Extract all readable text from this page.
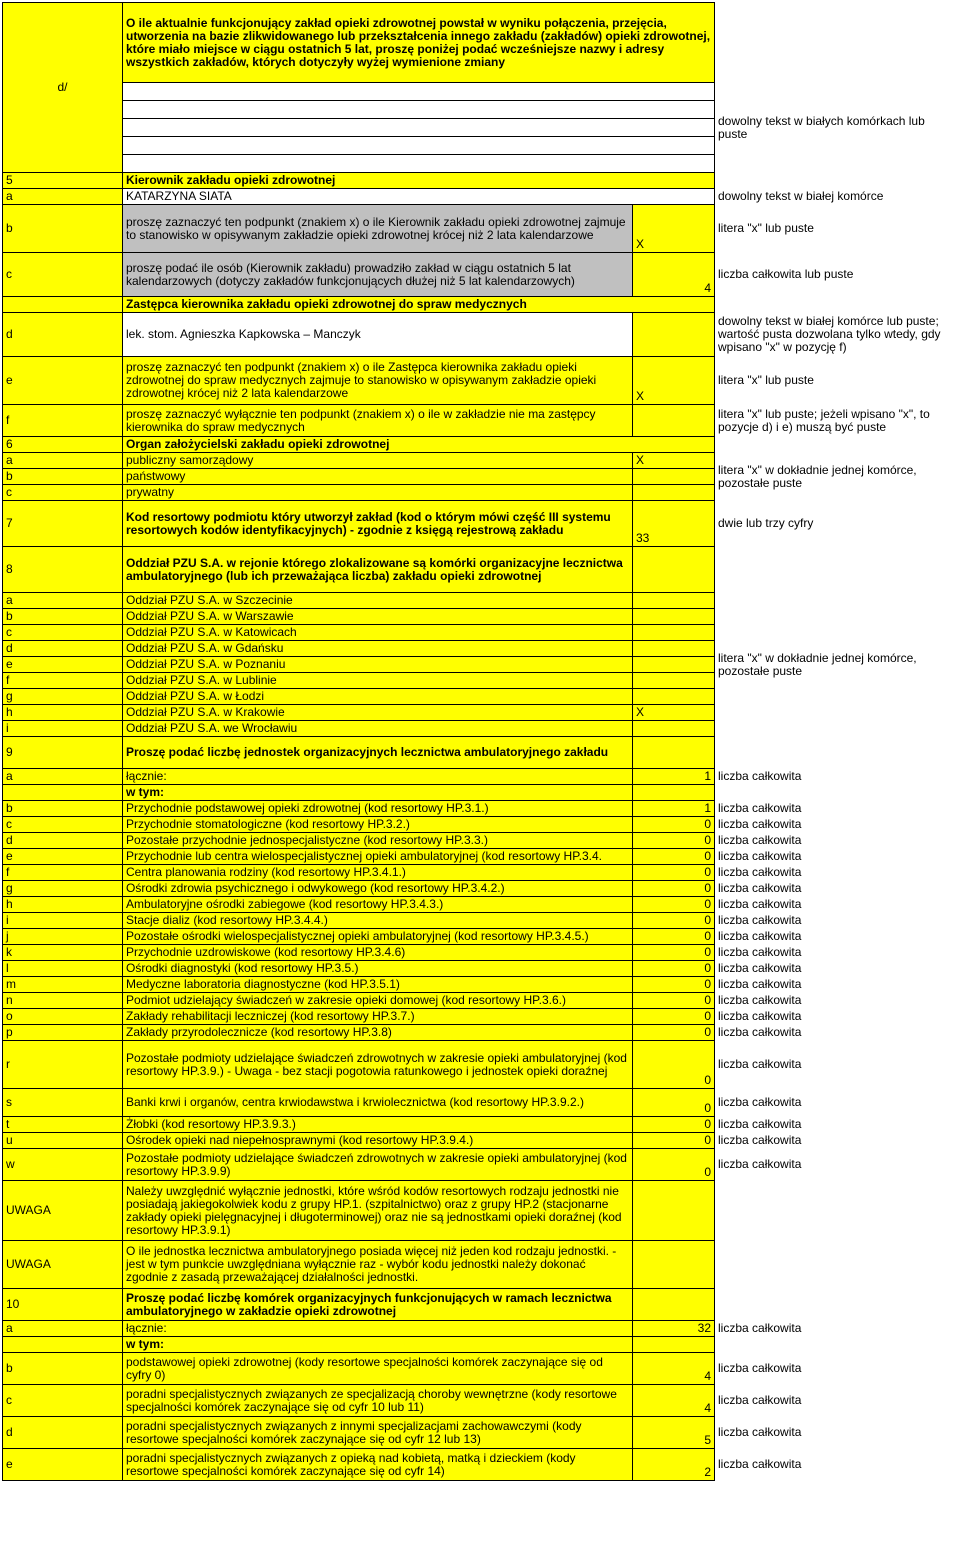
d/	O ile aktualnie funkcjonujący zakład opieki zdrowotnej powstał w wyniku połączenia, przejęcia, utworzenia na bazie zlikwidowanego lub przekształcenia innego zakładu (zakładów) opieki zdrowotnej, które miało miejsce w ciągu ostatnich 5 lat, proszę poniżej podać wcześniejsze nazwy i adresy wszystkich zakładów, których dotyczyły wyżej wymienione zmiany		

			dowolny tekst w białych komórkach lub puste

5	Kierownik zakładu opieki zdrowotnej		
a	KATARZYNA SIATA		dowolny tekst w białej komórce
b	proszę zaznaczyć ten podpunkt (znakiem x) o ile Kierownik zakładu opieki zdrowotnej zajmuje to stanowisko w opisywanym zakładzie opieki zdrowotnej krócej niż 2 lata kalendarzowe	X	litera "x" lub puste
c	proszę podać ile osób (Kierownik zakładu) prowadziło zakład w ciągu ostatnich 5 lat kalendarzowych (dotyczy zakładów funkcjonujących dłużej niż 5 lat kalendarzowych)	4	liczba całkowita lub puste
	Zastępca kierownika zakładu opieki zdrowotnej do spraw medycznych		
d	lek. stom. Agnieszka Kapkowska – Manczyk		dowolny tekst w białej komórce lub puste; wartość pusta dozwolana tylko wtedy, gdy wpisano "x" w pozycję f)
e	proszę zaznaczyć ten podpunkt (znakiem x) o ile Zastępca kierownika zakładu opieki zdrowotnej do spraw medycznych zajmuje to stanowisko w opisywanym zakładzie opieki zdrowotnej krócej niż 2 lata kalendarzowe	X	litera "x" lub puste
f	proszę zaznaczyć wyłącznie ten podpunkt (znakiem x) o ile w zakładzie nie ma zastępcy kierownika do spraw medycznych		litera "x" lub puste; jeżeli wpisano "x", to pozycje d) i e) muszą być puste
6	Organ założycielski zakładu opieki zdrowotnej		
a	publiczny samorządowy	X	litera "x" w dokładnie jednej komórce, pozostałe puste
b	państwowy		
c	prywatny		
7	Kod resortowy podmiotu który utworzył zakład (kod o którym mówi część III systemu resortowych kodów identyfikacyjnych) - zgodnie z księgą rejestrową zakładu	33	dwie lub trzy cyfry
8	Oddział PZU S.A. w rejonie którego zlokalizowane są komórki organizacyjne lecznictwa ambulatoryjnego (lub ich przeważająca liczba) zakładu opieki zdrowotnej		
a	Oddział PZU S.A. w Szczecinie		litera "x" w dokładnie jednej komórce, pozostałe puste
b	Oddział PZU S.A. w Warszawie		
c	Oddział PZU S.A. w Katowicach		
d	Oddział PZU S.A. w Gdańsku		
e	Oddział PZU S.A. w Poznaniu		
f	Oddział PZU S.A. w Lublinie		
g	Oddział PZU S.A. w Łodzi		
h	Oddział PZU S.A. w Krakowie	X	
i	Oddział PZU S.A. we Wrocławiu		
9	Proszę podać liczbę jednostek organizacyjnych lecznictwa ambulatoryjnego zakładu		
a	łącznie:	1	liczba całkowita
	w tym:		
b	Przychodnie podstawowej opieki zdrowotnej (kod resortowy HP.3.1.)	1	liczba całkowita
c	Przychodnie stomatologiczne (kod resortowy HP.3.2.)	0	liczba całkowita
d	Pozostałe przychodnie jednospecjalistyczne (kod resortowy HP.3.3.)	0	liczba całkowita
e	Przychodnie lub centra wielospecjalistycznej opieki ambulatoryjnej (kod resortowy HP.3.4.	0	liczba całkowita
f	Centra planowania rodziny (kod resortowy HP.3.4.1.)	0	liczba całkowita
g	Ośrodki zdrowia psychicznego i odwykowego (kod resortowy HP.3.4.2.)	0	liczba całkowita
h	Ambulatoryjne ośrodki zabiegowe (kod resortowy HP.3.4.3.)	0	liczba całkowita
i	Stacje dializ (kod resortowy HP.3.4.4.)	0	liczba całkowita
j	Pozostałe ośrodki wielospecjalistycznej opieki ambulatoryjnej (kod resortowy HP.3.4.5.)	0	liczba całkowita
k	Przychodnie uzdrowiskowe (kod resortowy HP.3.4.6)	0	liczba całkowita
l	Ośrodki diagnostyki (kod resortowy HP.3.5.)	0	liczba całkowita
m	Medyczne laboratoria diagnostyczne (kod HP.3.5.1)	0	liczba całkowita
n	Podmiot udzielający świadczeń w zakresie opieki domowej (kod resortowy HP.3.6.)	0	liczba całkowita
o	Zakłady rehabilitacji leczniczej (kod resortowy HP.3.7.)	0	liczba całkowita
p	Zakłady przyrodolecznicze (kod resortowy HP.3.8)	0	liczba całkowita
r	Pozostałe podmioty udzielające świadczeń zdrowotnych w zakresie opieki ambulatoryjnej (kod resortowy HP.3.9.) - Uwaga - bez stacji pogotowia ratunkowego i jednostek opieki doraźnej	0	liczba całkowita
s	Banki krwi i organów, centra krwiodawstwa i krwiolecznictwa (kod resortowy HP.3.9.2.)	0	liczba całkowita
t	Żłobki (kod resortowy HP.3.9.3.)	0	liczba całkowita
u	Ośrodek opieki nad niepełnosprawnymi (kod resortowy HP.3.9.4.)	0	liczba całkowita
w	Pozostałe podmioty udzielające świadczeń zdrowotnych w zakresie opieki ambulatoryjnej (kod resortowy HP.3.9.9)	0	liczba całkowita
UWAGA	Należy uwzględnić wyłącznie jednostki, które wśród kodów resortowych rodzaju jednostki nie posiadają jakiegokolwiek kodu z grupy HP.1. (szpitalnictwo) oraz z grupy HP.2 (stacjonarne zakłady opieki pielęgnacyjnej i długoterminowej) oraz nie są jednostkami opieki doraźnej (kod resortowy HP.3.9.1)		
UWAGA	O ile jednostka lecznictwa ambulatoryjnego posiada więcej niż jeden kod rodzaju jednostki. - jest w tym punkcie uwzględniana wyłącznie raz - wybór kodu jednostki należy dokonać zgodnie z zasadą przeważającej działalności jednostki.		
10	Proszę podać liczbę komórek organizacyjnych funkcjonujących w ramach lecznictwa ambulatoryjnego w zakładzie opieki zdrowotnej		
a	łącznie:	32	liczba całkowita
	w tym:		
b	podstawowej opieki zdrowotnej (kody resortowe specjalności komórek zaczynające się od cyfry 0)	4	liczba całkowita
c	poradni specjalistycznych związanych ze specjalizacją choroby wewnętrzne (kody resortowe specjalności komórek zaczynające się od cyfr 10 lub 11)	4	liczba całkowita
d	poradni specjalistycznych związanych z innymi specjalizacjami zachowawczymi (kody resortowe specjalności komórek zaczynające się od cyfr 12 lub 13)	5	liczba całkowita
e	poradni specjalistycznych związanych z opieką nad kobietą, matką i dzieckiem (kody resortowe specjalności komórek zaczynające się od cyfr 14)	2	liczba całkowita
